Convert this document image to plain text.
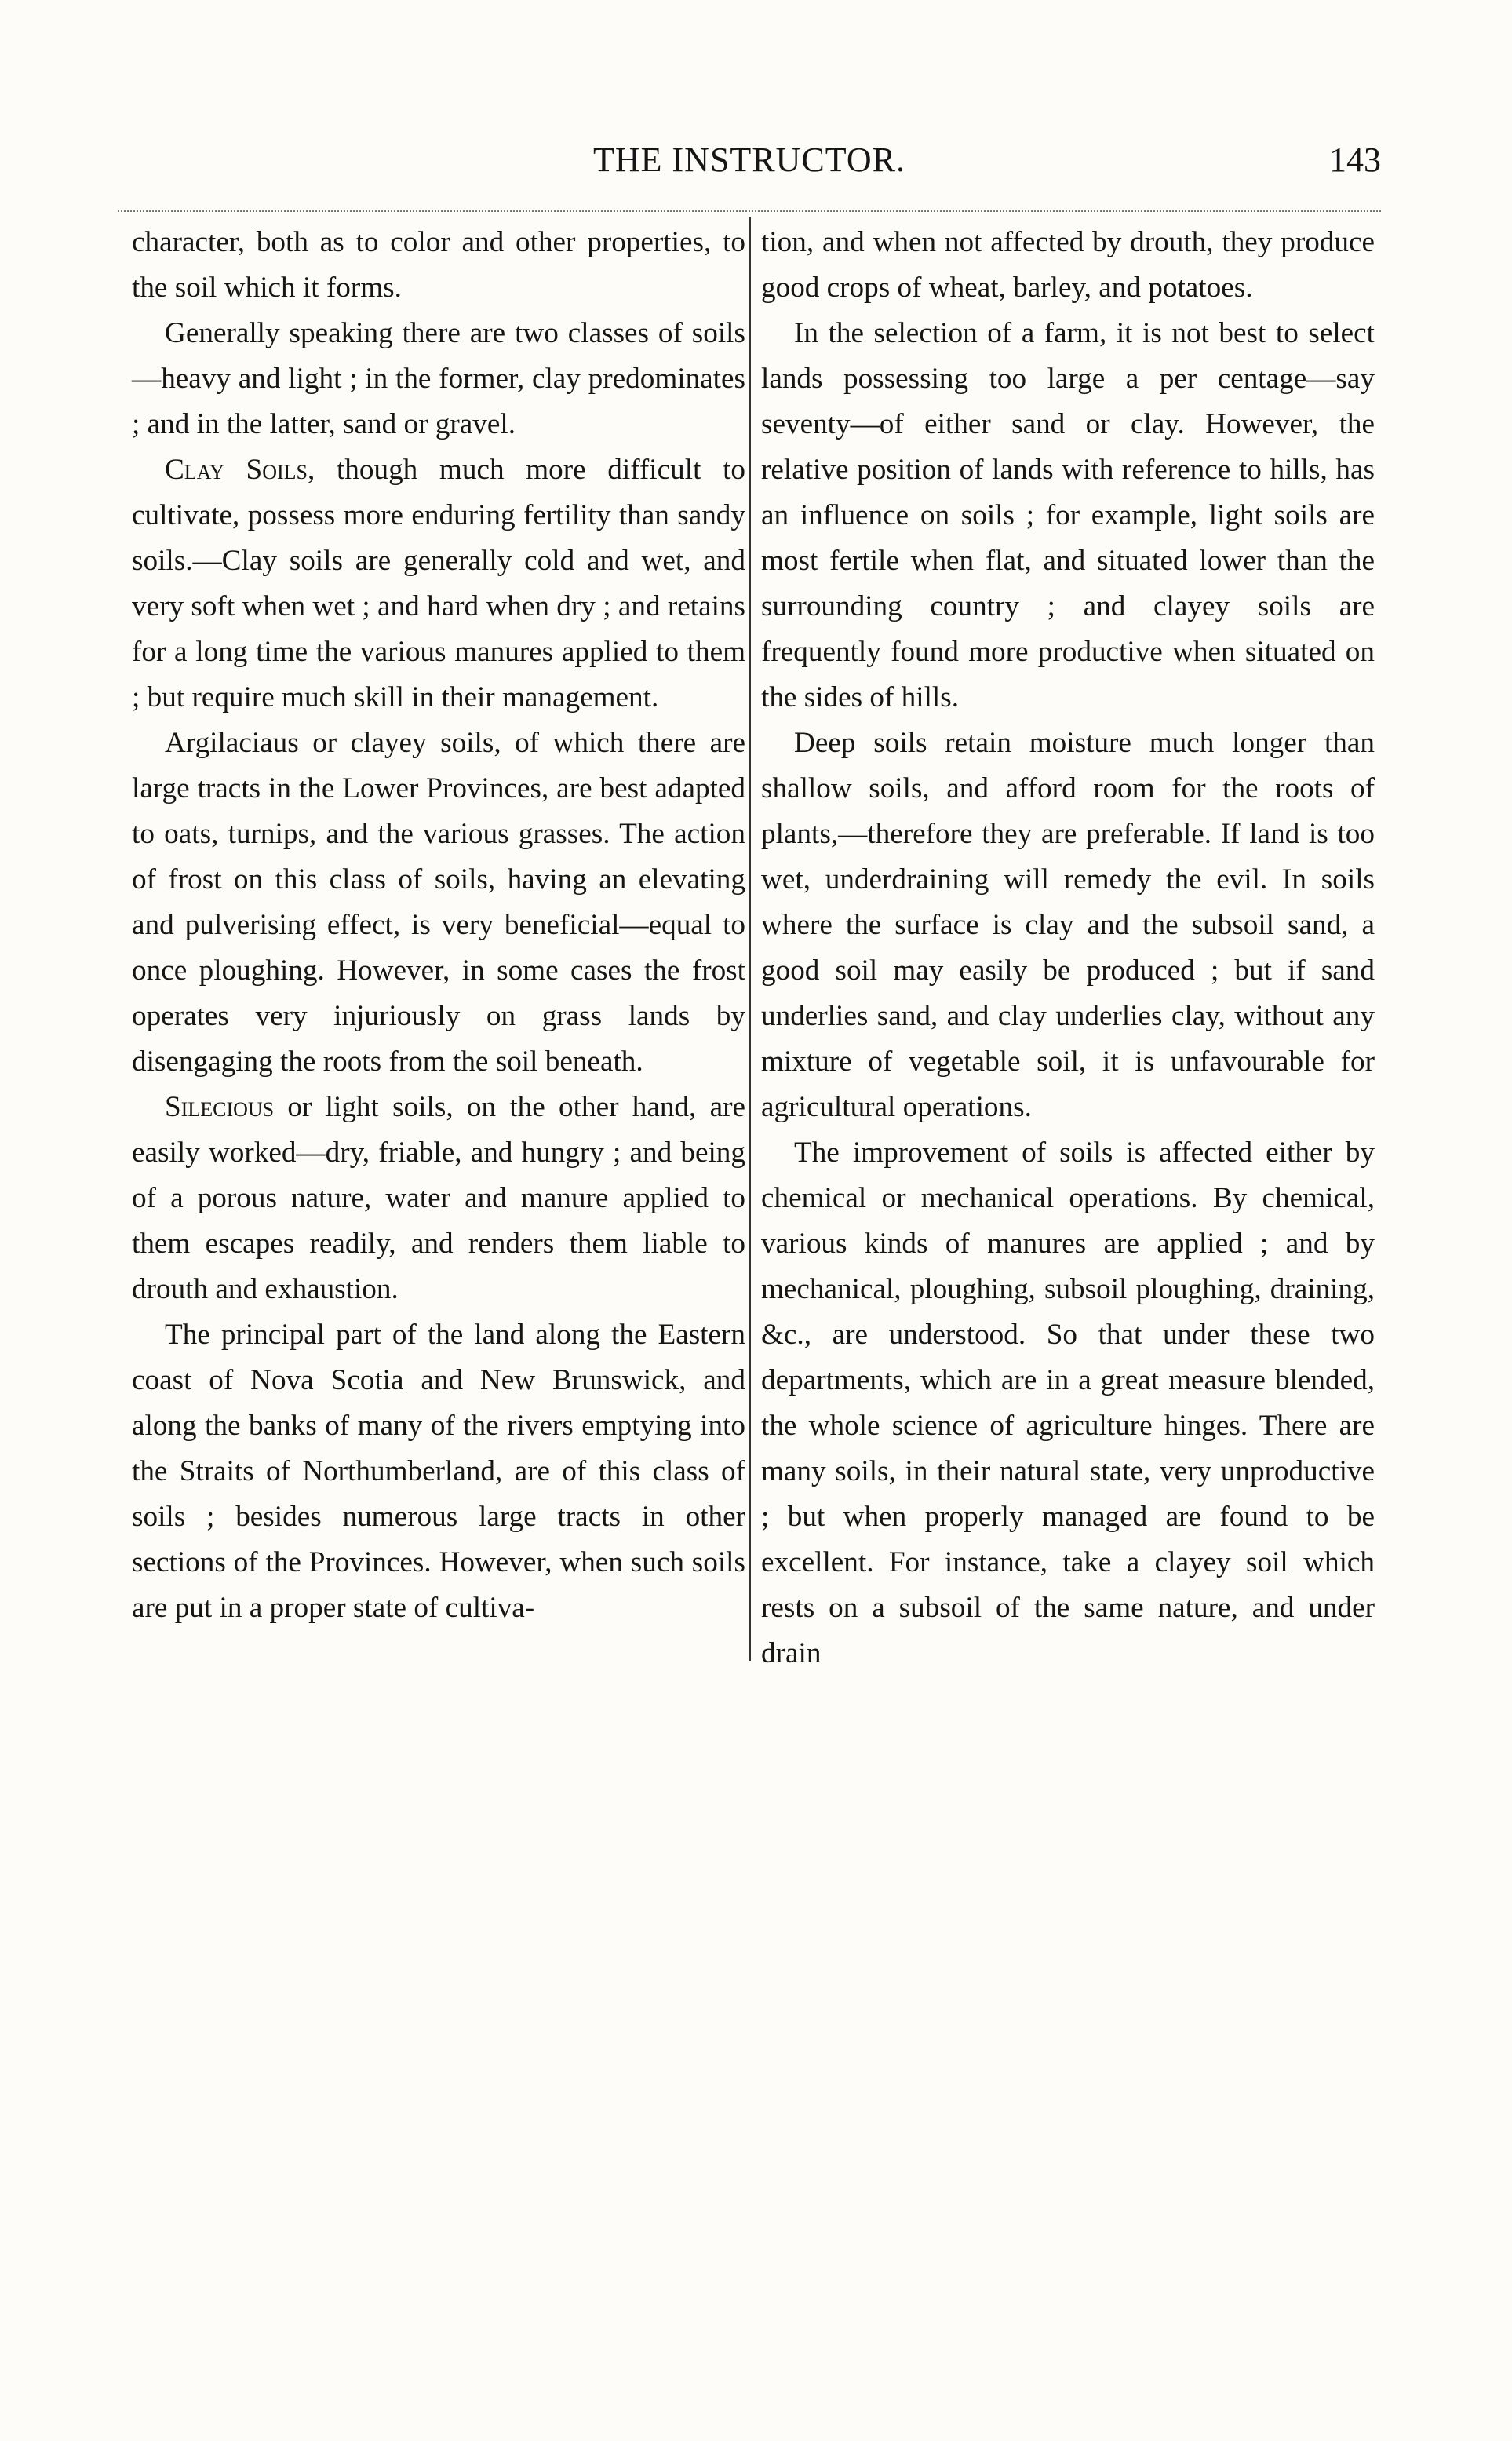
THE INSTRUCTOR.	143

character, both as to color and other properties, to the soil which it forms.

Generally speaking there are two classes of soils—heavy and light ; in the former, clay predominates ; and in the latter, sand or gravel.

Clay Soils, though much more difficult to cultivate, possess more enduring fertility than sandy soils.—Clay soils are generally cold and wet, and very soft when wet ; and hard when dry ; and retains for a long time the various manures applied to them ; but require much skill in their management.

Argilaciaus or clayey soils, of which there are large tracts in the Lower Provinces, are best adapted to oats, turnips, and the various grasses. The action of frost on this class of soils, having an elevating and pulverising effect, is very beneficial—equal to once ploughing. However, in some cases the frost operates very injuriously on grass lands by disengaging the roots from the soil beneath.

Silecious or light soils, on the other hand, are easily worked—dry, friable, and hungry ; and being of a porous nature, water and manure applied to them escapes readily, and renders them liable to drouth and exhaustion.

The principal part of the land along the Eastern coast of Nova Scotia and New Brunswick, and along the banks of many of the rivers emptying into the Straits of Northumberland, are of this class of soils ; besides numerous large tracts in other sections of the Provinces. However, when such soils are put in a proper state of cultiva-

tion, and when not affected by drouth, they produce good crops of wheat, barley, and potatoes.

In the selection of a farm, it is not best to select lands possessing too large a per centage—say seventy—of either sand or clay. However, the relative position of lands with reference to hills, has an influence on soils ; for example, light soils are most fertile when flat, and situated lower than the surrounding country ; and clayey soils are frequently found more productive when situated on the sides of hills.

Deep soils retain moisture much longer than shallow soils, and afford room for the roots of plants,—therefore they are preferable. If land is too wet, underdraining will remedy the evil. In soils where the surface is clay and the subsoil sand, a good soil may easily be produced ; but if sand underlies sand, and clay underlies clay, without any mixture of vegetable soil, it is unfavourable for agricultural operations.

The improvement of soils is affected either by chemical or mechanical operations. By chemical, various kinds of manures are applied ; and by mechanical, ploughing, subsoil ploughing, draining, &c., are understood. So that under these two departments, which are in a great measure blended, the whole science of agriculture hinges. There are many soils, in their natural state, very unproductive ; but when properly managed are found to be excellent. For instance, take a clayey soil which rests on a subsoil of the same nature, and under drain
